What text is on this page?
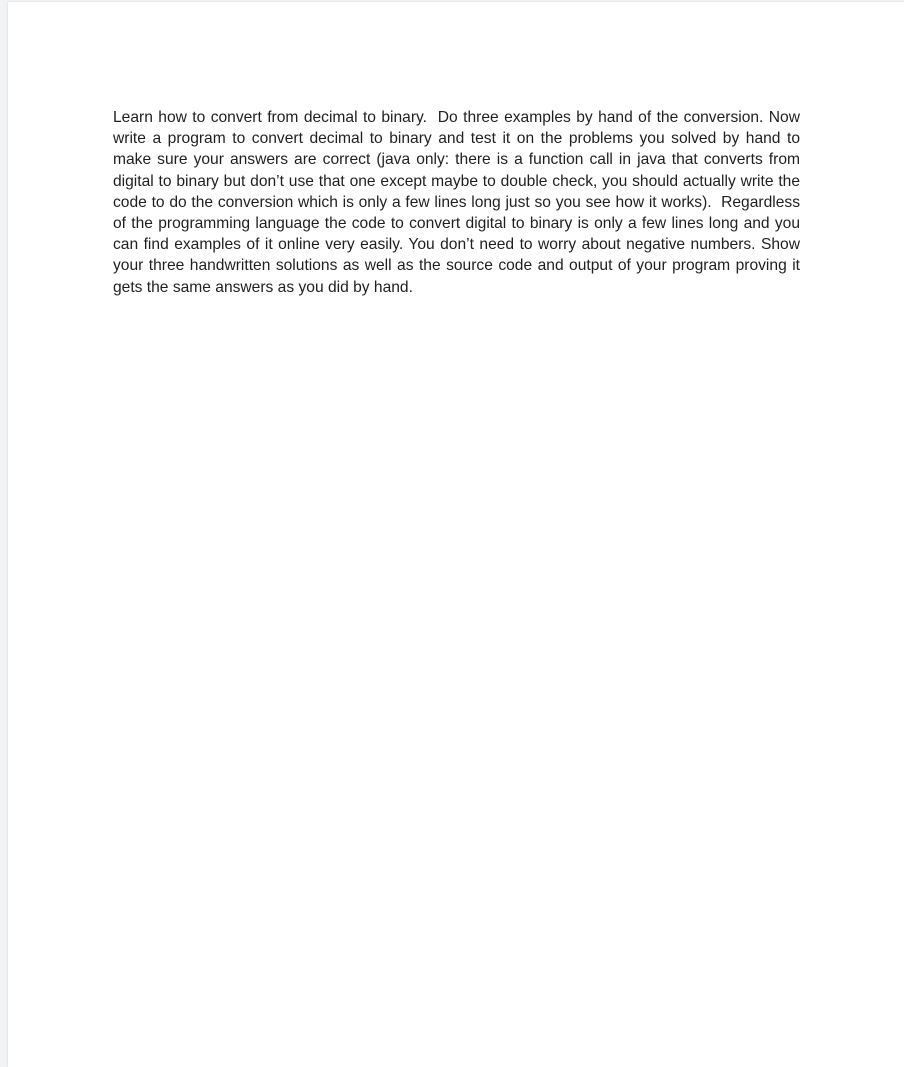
Learn how to convert from decimal to binary.  Do three examples by hand of the conversion. Now write a program to convert decimal to binary and test it on the problems you solved by hand to make sure your answers are correct (java only: there is a function call in java that converts from digital to binary but don’t use that one except maybe to double check, you should actually write the code to do the conversion which is only a few lines long just so you see how it works).  Regardless of the programming language the code to convert digital to binary is only a few lines long and you can find examples of it online very easily. You don’t need to worry about negative numbers. Show your three handwritten solutions as well as the source code and output of your program proving it gets the same answers as you did by hand.
